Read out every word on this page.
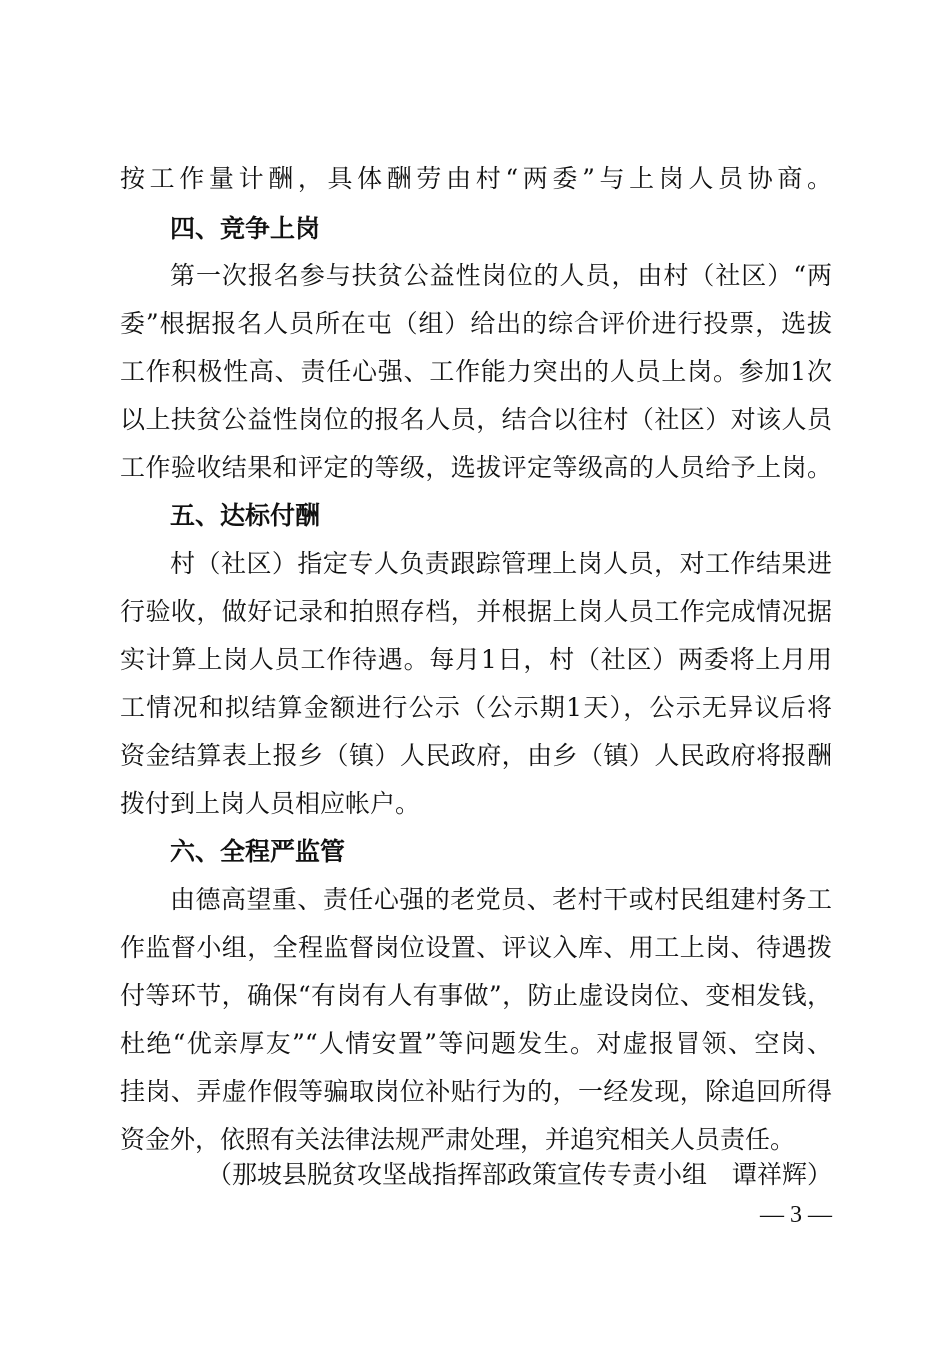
按工作量计酬，具体酬劳由村“两委”与上岗人员协商。
四、竞争上岗
第一次报名参与扶贫公益性岗位的人员，由村（社区）“两
委”根据报名人员所在屯（组）给出的综合评价进行投票，选拔
工作积极性高、责任心强、工作能力突出的人员上岗。参加1次
以上扶贫公益性岗位的报名人员，结合以往村（社区）对该人员
工作验收结果和评定的等级，选拔评定等级高的人员给予上岗。
五、达标付酬
村（社区）指定专人负责跟踪管理上岗人员，对工作结果进
行验收，做好记录和拍照存档，并根据上岗人员工作完成情况据
实计算上岗人员工作待遇。每月1日，村（社区）两委将上月用
工情况和拟结算金额进行公示（公示期1天），公示无异议后将
资金结算表上报乡（镇）人民政府，由乡（镇）人民政府将报酬
拨付到上岗人员相应帐户。
六、全程严监管
由德高望重、责任心强的老党员、老村干或村民组建村务工
作监督小组，全程监督岗位设置、评议入库、用工上岗、待遇拨
付等环节，确保“有岗有人有事做”，防止虚设岗位、变相发钱，
杜绝“优亲厚友”“人情安置”等问题发生。对虚报冒领、空岗、
挂岗、弄虚作假等骗取岗位补贴行为的，一经发现，除追回所得
资金外，依照有关法律法规严肃处理，并追究相关人员责任。
（那坡县脱贫攻坚战指挥部政策宣传专责小组　谭祥辉）
— 3 —
